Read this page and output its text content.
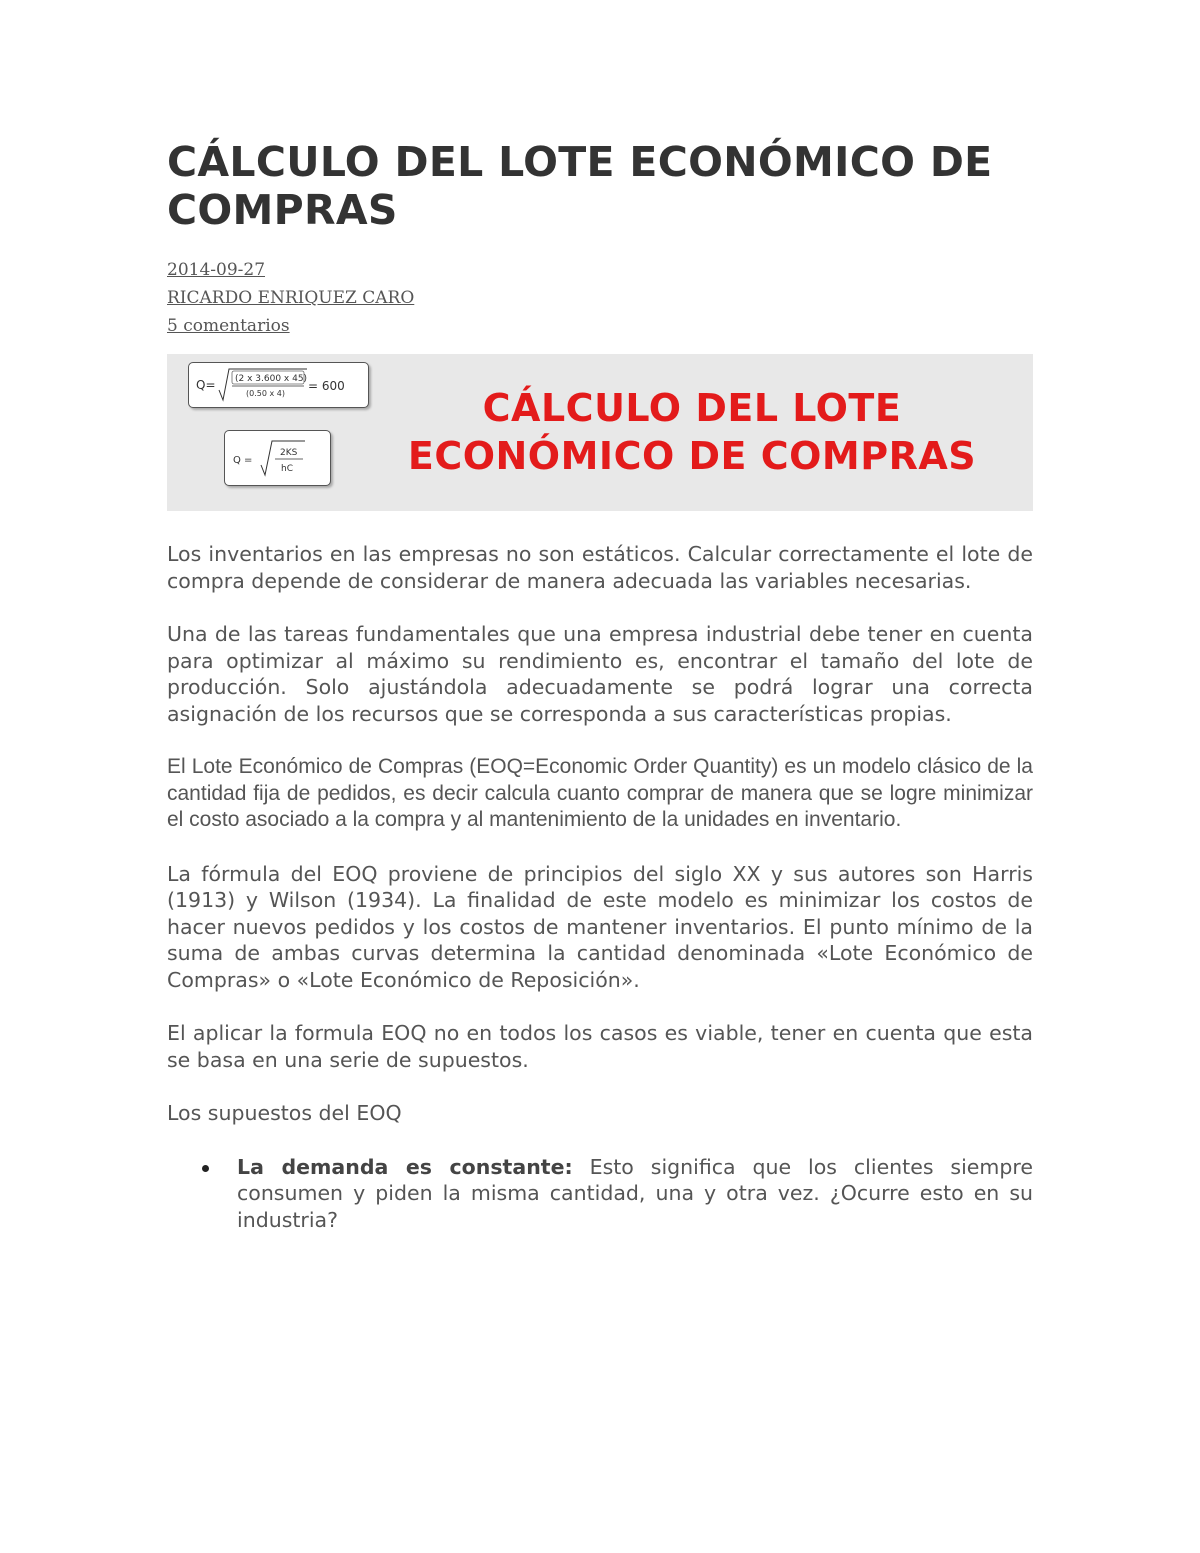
CÁLCULO DEL LOTE ECONÓMICO DE COMPRAS
2014-09-27
RICARDO ENRIQUEZ CARO
5 comentarios
Q= (2 x 3.600 x 45)
(0.50 x 4)
= 600
Q =
2KS
hC
CÁLCULO DEL LOTE
ECONÓMICO DE COMPRAS

Los inventarios en las empresas no son estáticos. Calcular correctamente el lote de compra depende de considerar de manera adecuada las variables necesarias.

Una de las tareas fundamentales que una empresa industrial debe tener en cuenta para optimizar al máximo su rendimiento es, encontrar el tamaño del lote de producción. Solo ajustándola adecuadamente se podrá lograr una correcta asignación de los recursos que se corresponda a sus características propias.

El Lote Económico de Compras (EOQ=Economic Order Quantity) es un modelo clásico de la cantidad fija de pedidos, es decir calcula cuanto comprar de manera que se logre minimizar el costo asociado a la compra y al mantenimiento de la unidades en inventario.

La fórmula del EOQ proviene de principios del siglo XX y sus autores son Harris (1913) y Wilson (1934). La finalidad de este modelo es minimizar los costos de hacer nuevos pedidos y los costos de mantener inventarios. El punto mínimo de la suma de ambas curvas determina la cantidad denominada «Lote Económico de Compras» o «Lote Económico de Reposición».

El aplicar la formula EOQ no en todos los casos es viable, tener en cuenta que esta se basa en una serie de supuestos.

Los supuestos del EOQ

La demanda es constante: Esto significa que los clientes siempre consumen y piden la misma cantidad, una y otra vez. ¿Ocurre esto en su industria?
